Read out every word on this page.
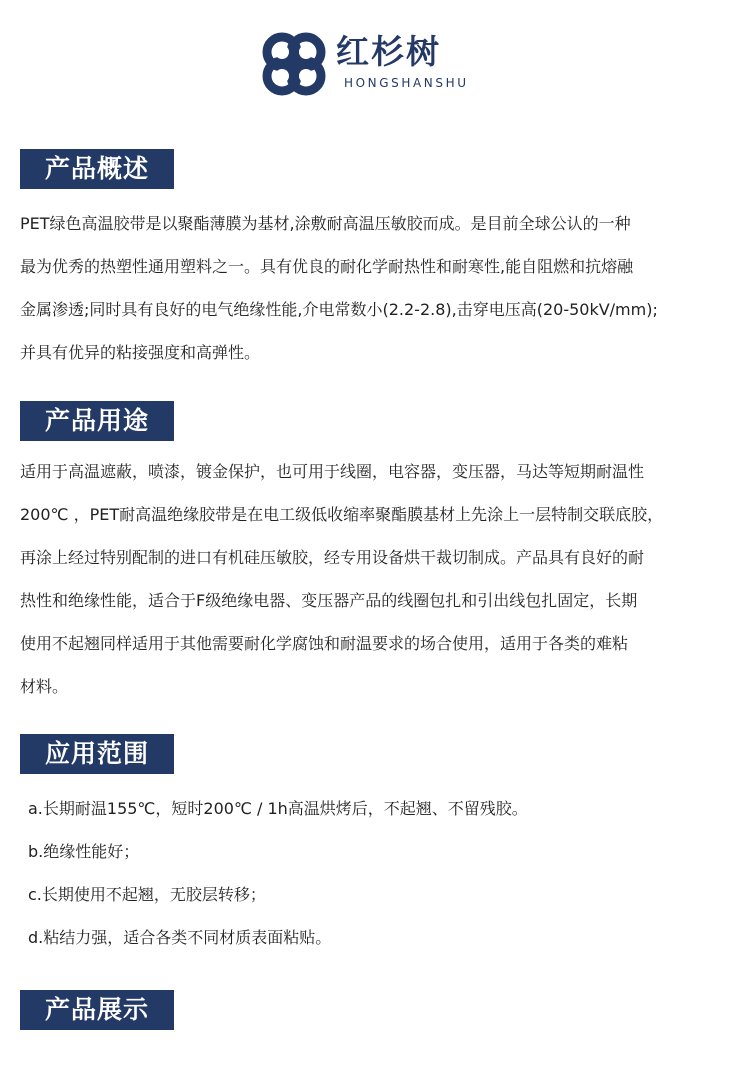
红杉树
HONGSHANSHU
产品概述
PET绿色高温胶带是以聚酯薄膜为基材,涂敷耐高温压敏胶而成。是目前全球公认的一种
最为优秀的热塑性通用塑料之一。具有优良的耐化学耐热性和耐寒性,能自阻燃和抗熔融
金属渗透;同时具有良好的电气绝缘性能,介电常数小(2.2-2.8),击穿电压高(20-50kV/mm);
并具有优异的粘接强度和高弹性。
产品用途
适用于高温遮蔽，喷漆，镀金保护，也可用于线圈，电容器，变压器，马达等短期耐温性
200℃ ，PET耐高温绝缘胶带是在电工级低收缩率聚酯膜基材上先涂上一层特制交联底胶，
再涂上经过特别配制的进口有机硅压敏胶，经专用设备烘干裁切制成。产品具有良好的耐
热性和绝缘性能，适合于F级绝缘电器、变压器产品的线圈包扎和引出线包扎固定，长期
使用不起翘同样适用于其他需要耐化学腐蚀和耐温要求的场合使用，适用于各类的难粘
材料。
应用范围
a.长期耐温155℃，短时200℃ / 1h高温烘烤后，不起翘、不留残胶。
b.绝缘性能好；
c.长期使用不起翘，无胶层转移；
d.粘结力强，适合各类不同材质表面粘贴。
产品展示
